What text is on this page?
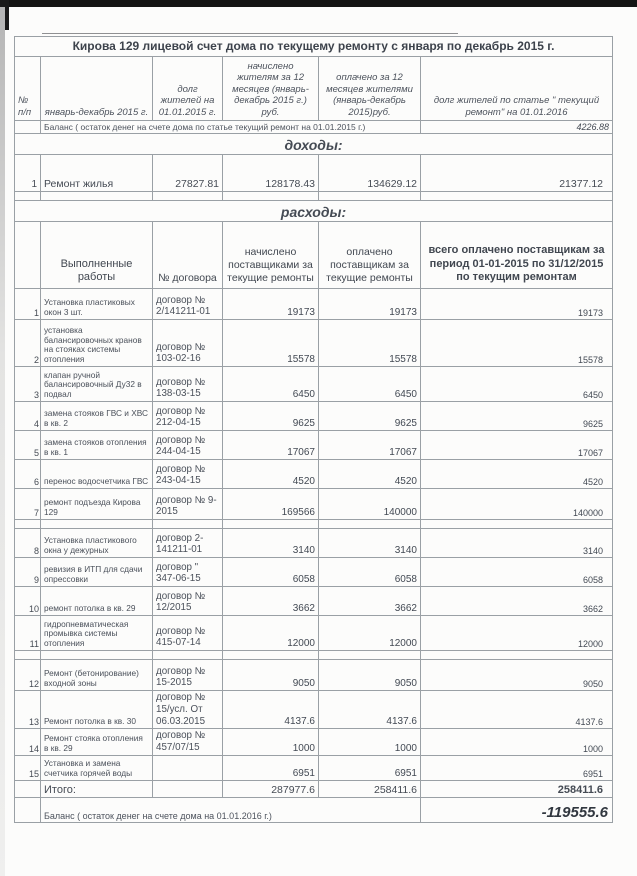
Кирова 129 лицевой счет дома по текущему ремонту с января по декабрь 2015 г.					
№ п/п	январь-декабрь 2015 г.	долг жителей на 01.01.2015 г.	начислено жителям за 12 месяцев (январь-декабрь 2015 г.) руб.	оплачено за 12 месяцев жителями (январь-декабрь 2015)руб.	долг жителей по статье " текущий ремонт" на 01.01.2016
	Баланс ( остаток денег на счете дома по статье текущий ремонт на 01.01.2015 г.)				4226.88
доходы:					
1	Ремонт жилья	27827.81	128178.43	134629.12	21377.12

расходы:					
	Выполненные работы	№ договора	начислено поставщиками за текущие ремонты	оплачено поставщикам за текущие ремонты	всего оплачено поставщикам за период 01-01-2015 по 31/12/2015 по текущим ремонтам
1	Установка пластиковых окон 3 шт.	договор № 2/141211-01	19173	19173	19173
2	установка балансировочных кранов на стояках системы отопления	договор № 103-02-16	15578	15578	15578
3	клапан ручной балансировочный Ду32 в подвал	договор № 138-03-15	6450	6450	6450
4	замена стояков ГВС и ХВС в кв. 2	договор № 212-04-15	9625	9625	9625
5	замена стояков отопления в кв. 1	договор № 244-04-15	17067	17067	17067
6	перенос водосчетчика ГВС	договор № 243-04-15	4520	4520	4520
7	ремонт подъезда Кирова 129	договор № 9-2015	169566	140000	140000

8	Установка пластикового окна у дежурных	договор 2-141211-01	3140	3140	3140
9	ревизия в ИТП для сдачи опрессовки	договор " 347-06-15	6058	6058	6058
10	ремонт потолка в кв. 29	договор № 12/2015	3662	3662	3662
11	гидропневматическая промывка системы отопления	договор № 415-07-14	12000	12000	12000

12	Ремонт (бетонирование) входной зоны	договор № 15-2015	9050	9050	9050
13	Ремонт потолка в кв. 30	договор № 15/усл. От 06.03.2015	4137.6	4137.6	4137.6
14	Ремонт стояка отопления в кв. 29	договор № 457/07/15	1000	1000	1000
15	Установка и замена счетчика горячей воды		6951	6951	6951
	Итого:		287977.6	258411.6	258411.6
	Баланс ( остаток денег на счете дома на 01.01.2016 г.)				-119555.6
